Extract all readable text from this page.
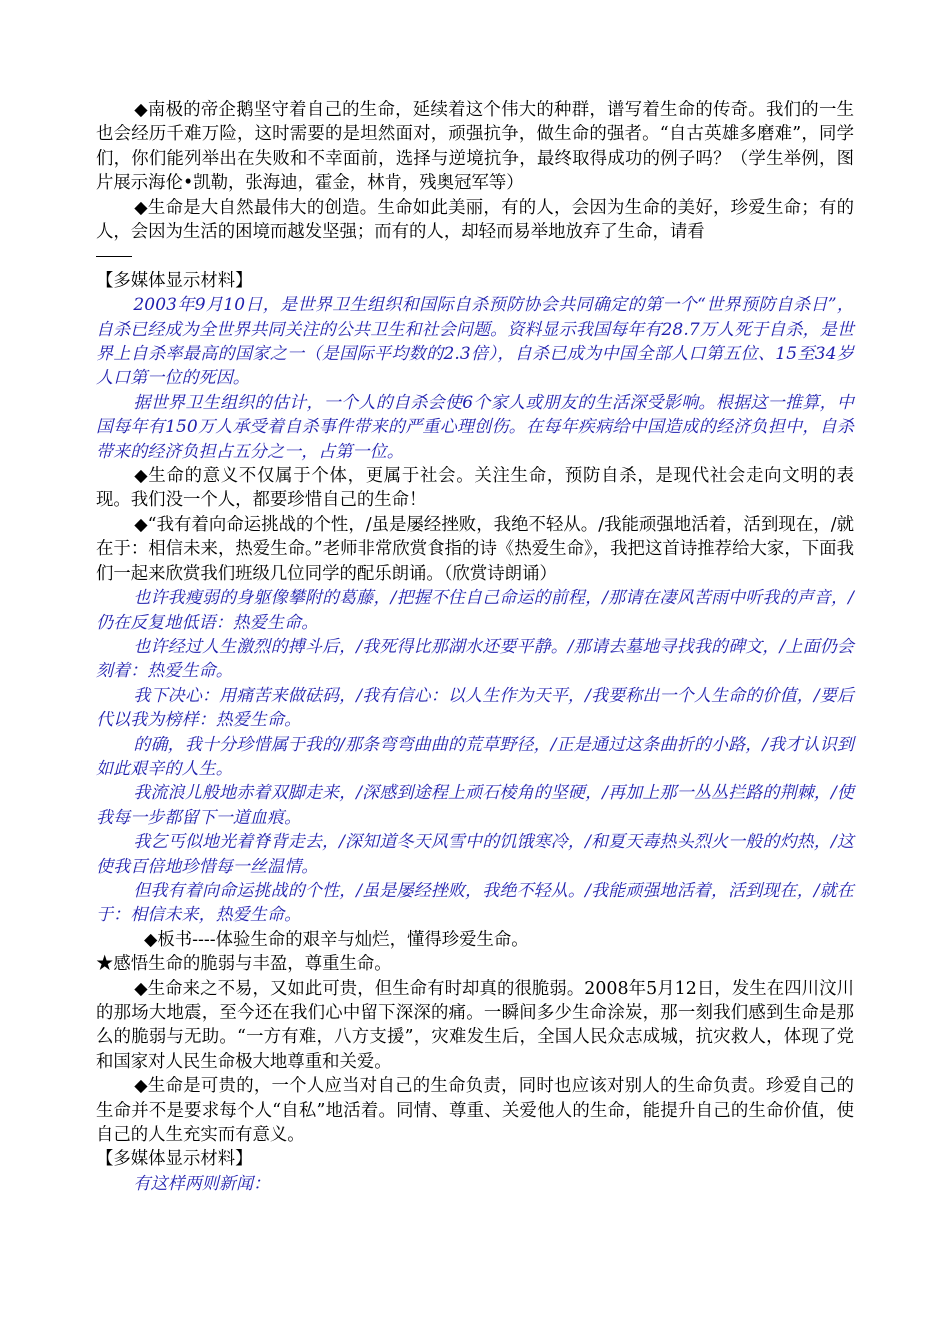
◆南极的帝企鹅坚守着自己的生命，延续着这个伟大的种群，谱写着生命的传奇。我们的一生也会经历千难万险，这时需要的是坦然面对，顽强抗争，做生命的强者。“自古英雄多磨难”，同学们，你们能列举出在失败和不幸面前，选择与逆境抗争，最终取得成功的例子吗？（学生举例，图片展示海伦•凯勒，张海迪，霍金，林肯，残奥冠军等）

◆生命是大自然最伟大的创造。生命如此美丽，有的人，会因为生命的美好，珍爱生命；有的人，会因为生活的困境而越发坚强；而有的人，却轻而易举地放弃了生命，请看

【多媒体显示材料】

2003年9月10日，是世界卫生组织和国际自杀预防协会共同确定的第一个“世界预防自杀日”，自杀已经成为全世界共同关注的公共卫生和社会问题。资料显示我国每年有28.7万人死于自杀，是世界上自杀率最高的国家之一（是国际平均数的2.3倍），自杀已成为中国全部人口第五位、15至34岁人口第一位的死因。

据世界卫生组织的估计，一个人的自杀会使6个家人或朋友的生活深受影响。根据这一推算，中国每年有150万人承受着自杀事件带来的严重心理创伤。在每年疾病给中国造成的经济负担中，自杀带来的经济负担占五分之一，占第一位。

◆生命的意义不仅属于个体，更属于社会。关注生命，预防自杀，是现代社会走向文明的表现。我们没一个人，都要珍惜自己的生命！

◆“我有着向命运挑战的个性，/虽是屡经挫败，我绝不轻从。/我能顽强地活着，活到现在，/就在于：相信未来，热爱生命。”老师非常欣赏食指的诗《热爱生命》，我把这首诗推荐给大家，下面我们一起来欣赏我们班级几位同学的配乐朗诵。（欣赏诗朗诵）

也许我瘦弱的身躯像攀附的葛藤，/把握不住自己命运的前程，/那请在凄风苦雨中听我的声音，/仍在反复地低语：热爱生命。

也许经过人生激烈的搏斗后，/我死得比那湖水还要平静。/那请去墓地寻找我的碑文，/上面仍会刻着：热爱生命。

我下决心：用痛苦来做砝码，/我有信心：以人生作为天平，/我要称出一个人生命的价值，/要后代以我为榜样：热爱生命。

的确，我十分珍惜属于我的/那条弯弯曲曲的荒草野径，/正是通过这条曲折的小路，/我才认识到如此艰辛的人生。

我流浪儿般地赤着双脚走来，/深感到途程上顽石棱角的坚硬，/再加上那一丛丛拦路的荆棘，/使我每一步都留下一道血痕。

我乞丐似地光着脊背走去，/深知道冬天风雪中的饥饿寒冷，/和夏天毒热头烈火一般的灼热，/这使我百倍地珍惜每一丝温情。

但我有着向命运挑战的个性，/虽是屡经挫败，我绝不轻从。/我能顽强地活着，活到现在，/就在于：相信未来，热爱生命。

◆板书----体验生命的艰辛与灿烂，懂得珍爱生命。

★感悟生命的脆弱与丰盈，尊重生命。

◆生命来之不易，又如此可贵，但生命有时却真的很脆弱。2008年5月12日，发生在四川汶川的那场大地震，至今还在我们心中留下深深的痛。一瞬间多少生命涂炭，那一刻我们感到生命是那么的脆弱与无助。“一方有难，八方支援”，灾难发生后，全国人民众志成城，抗灾救人，体现了党和国家对人民生命极大地尊重和关爱。

◆生命是可贵的，一个人应当对自己的生命负责，同时也应该对别人的生命负责。珍爱自己的生命并不是要求每个人“自私”地活着。同情、尊重、关爱他人的生命，能提升自己的生命价值，使自己的人生充实而有意义。

【多媒体显示材料】

有这样两则新闻：
